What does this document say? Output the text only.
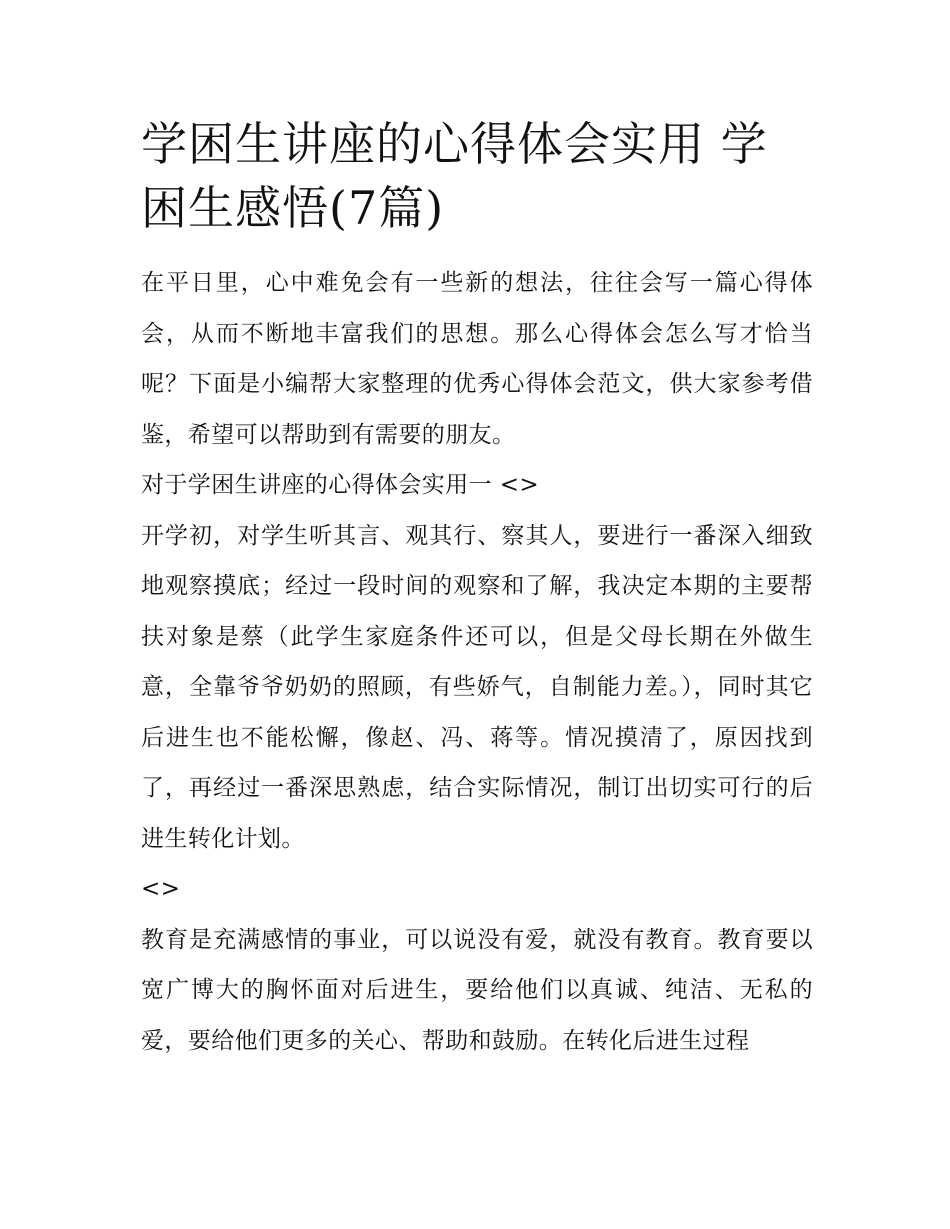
学困生讲座的心得体会实用 学困生感悟(7篇)

在平日里，心中难免会有一些新的想法，往往会写一篇心得体会，从而不断地丰富我们的思想。那么心得体会怎么写才恰当呢？下面是小编帮大家整理的优秀心得体会范文，供大家参考借鉴，希望可以帮助到有需要的朋友。

对于学困生讲座的心得体会实用一 <>

开学初，对学生听其言、观其行、察其人，要进行一番深入细致地观察摸底；经过一段时间的观察和了解，我决定本期的主要帮扶对象是蔡（此学生家庭条件还可以，但是父母长期在外做生意，全靠爷爷奶奶的照顾，有些娇气，自制能力差。），同时其它后进生也不能松懈，像赵、冯、蒋等。情况摸清了，原因找到了，再经过一番深思熟虑，结合实际情况，制订出切实可行的后进生转化计划。

<>

教育是充满感情的事业，可以说没有爱，就没有教育。教育要以宽广博大的胸怀面对后进生，要给他们以真诚、纯洁、无私的爱，要给他们更多的关心、帮助和鼓励。在转化后进生过程
